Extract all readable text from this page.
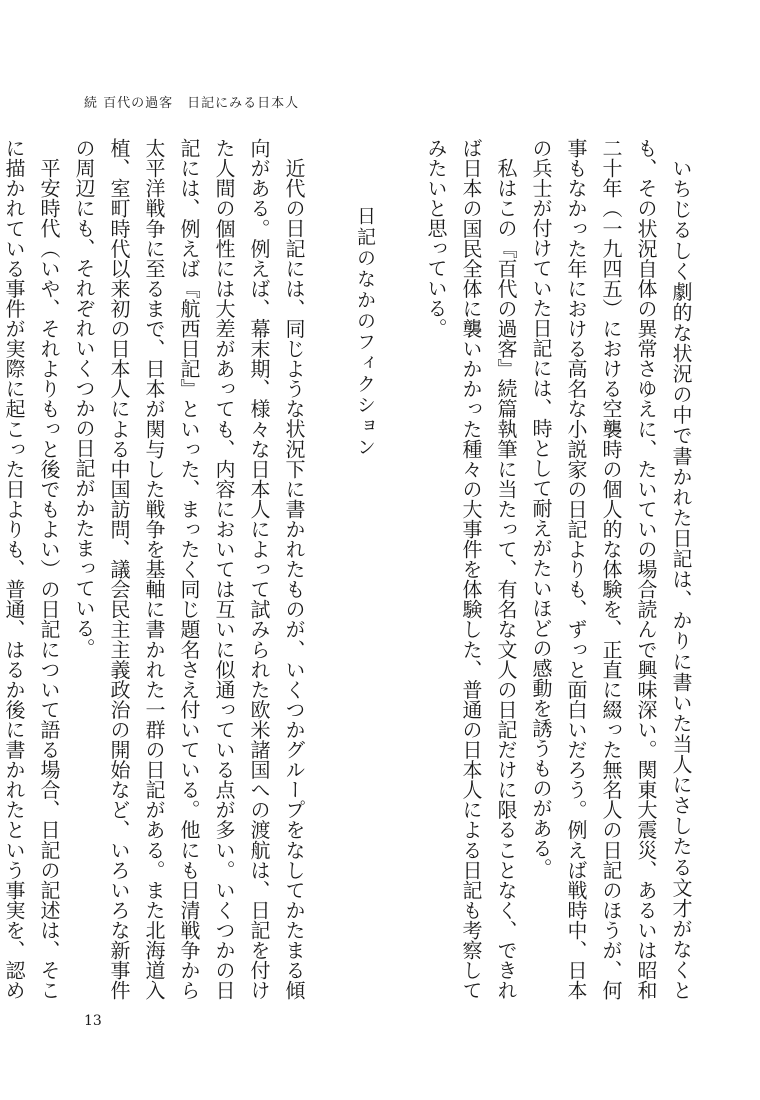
続 百代の過客 日記にみる日本人

いちじるしく劇的な状況の中で書かれた日記は、かりに書いた当人にさしたる文才がなくとも、その状況自体の異常さゆえに、たいていの場合読んで興味深い。関東大震災、あるいは昭和二十年（一九四五）における空襲時の個人的な体験を、正直に綴った無名人の日記のほうが、何事もなかった年における高名な小説家の日記よりも、ずっと面白いだろう。例えば戦時中、日本の兵士が付けていた日記には、時として耐えがたいほどの感動を誘うものがある。

私はこの『百代の過客』続篇執筆に当たって、有名な文人の日記だけに限ることなく、できれば日本の国民全体に襲いかかった種々の大事件を体験した、普通の日本人による日記も考察してみたいと思っている。

日記のなかのフィクション

近代の日記には、同じような状況下に書かれたものが、いくつかグループをなしてかたまる傾向がある。例えば、幕末期、様々な日本人によって試みられた欧米諸国への渡航は、日記を付けた人間の個性には大差があっても、内容においては互いに似通っている点が多い。いくつかの日記には、例えば『航西日記』といった、まったく同じ題名さえ付いている。他にも日清戦争から太平洋戦争に至るまで、日本が関与した戦争を基軸に書かれた一群の日記がある。また北海道入植、室町時代以来初の日本人による中国訪問、議会民主主義政治の開始など、いろいろな新事件の周辺にも、それぞれいくつかの日記がかたまっている。

平安時代（いや、それよりもっと後でもよい）の日記について語る場合、日記の記述は、そこに描かれている事件が実際に起こった日よりも、普通、はるか後に書かれたという事実を、認め

13
